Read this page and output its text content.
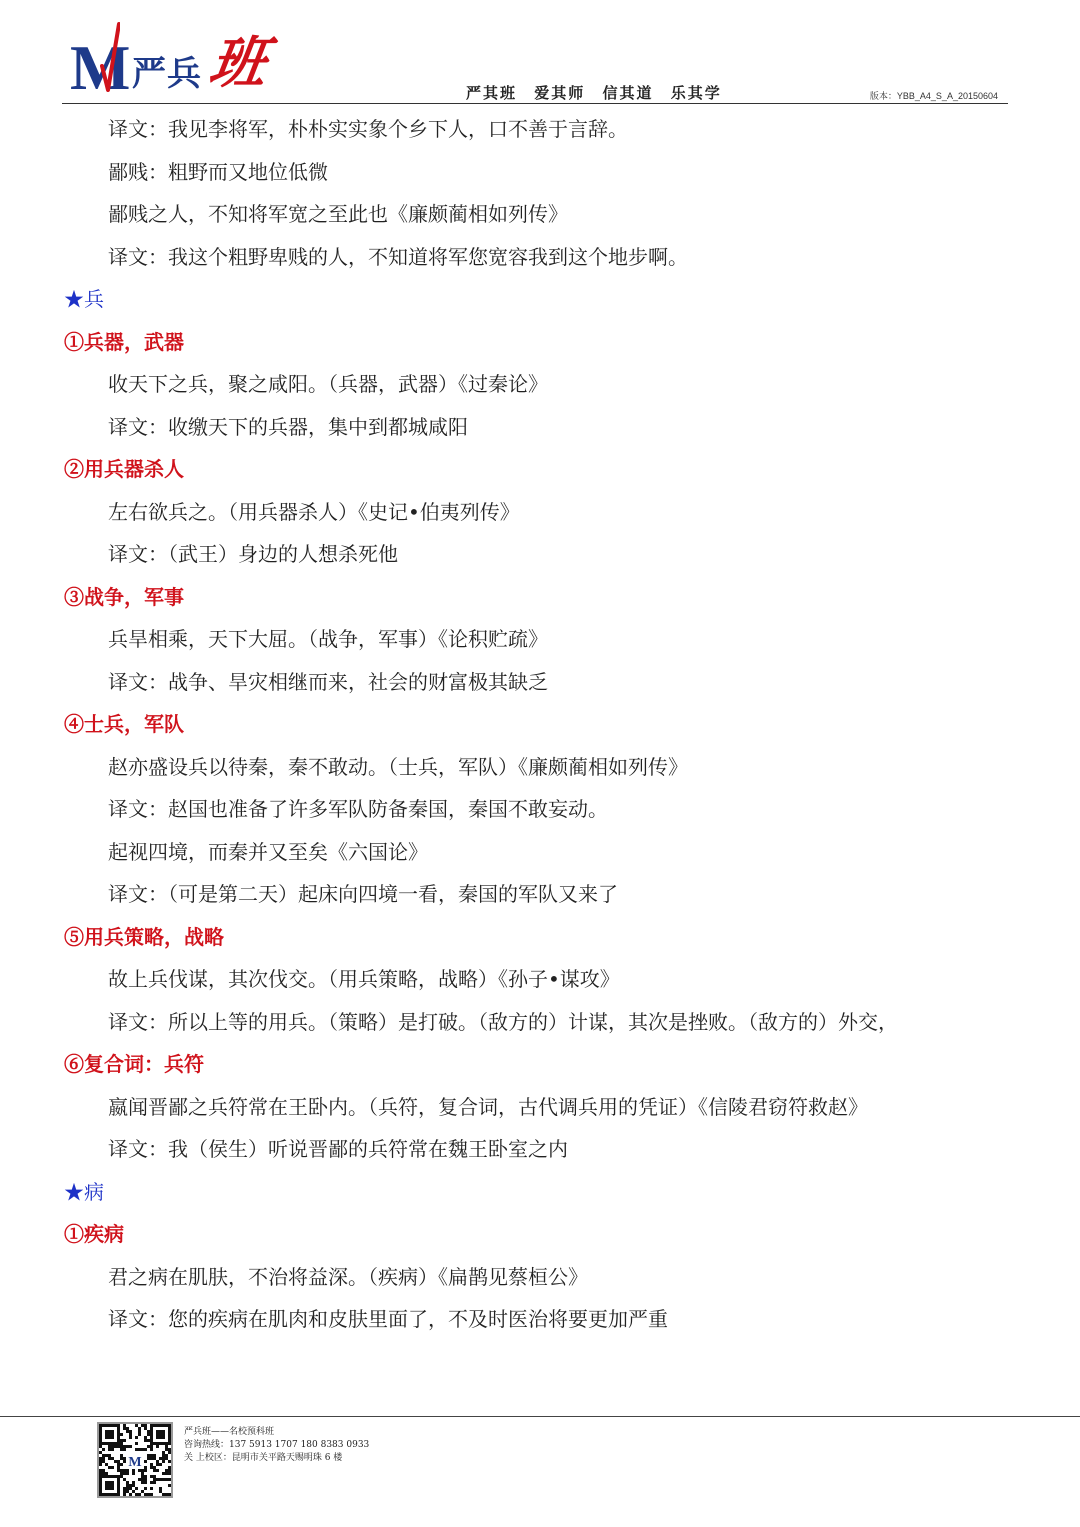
M 严兵 班	严其班 爱其师 信其道 乐其学	版本：YBB_A4_S_A_20150604
译文：我见李将军，朴朴实实象个乡下人，口不善于言辞。
鄙贱：粗野而又地位低微
鄙贱之人，不知将军宽之至此也《廉颇蔺相如列传》
译文：我这个粗野卑贱的人，不知道将军您宽容我到这个地步啊。
★兵
①兵器，武器
收天下之兵，聚之咸阳。（兵器，武器）《过秦论》
译文：收缴天下的兵器，集中到都城咸阳
②用兵器杀人
左右欲兵之。（用兵器杀人）《史记•伯夷列传》
译文：（武王）身边的人想杀死他
③战争，军事
兵旱相乘，天下大屈。（战争，军事）《论积贮疏》
译文：战争、旱灾相继而来，社会的财富极其缺乏
④士兵，军队
赵亦盛设兵以待秦，秦不敢动。（士兵，军队）《廉颇蔺相如列传》
译文：赵国也准备了许多军队防备秦国，秦国不敢妄动。
起视四境，而秦并又至矣《六国论》
译文：（可是第二天）起床向四境一看，秦国的军队又来了
⑤用兵策略，战略
故上兵伐谋，其次伐交。（用兵策略，战略）《孙子•谋攻》
译文：所以上等的用兵。（策略）是打破。（敌方的）计谋，其次是挫败。（敌方的）外交，
⑥复合词：兵符
嬴闻晋鄙之兵符常在王卧内。（兵符，复合词，古代调兵用的凭证）《信陵君窃符救赵》
译文：我（侯生）听说晋鄙的兵符常在魏王卧室之内
★病
①疾病
君之病在肌肤，不治将益深。（疾病）《扁鹊见蔡桓公》
译文：您的疾病在肌肉和皮肤里面了，不及时医治将要更加严重
M
严兵班——名校预科班
咨询热线：137 5913 1707 180 8383 0933
关 上校区：昆明市关平路天赐明珠 6 楼
